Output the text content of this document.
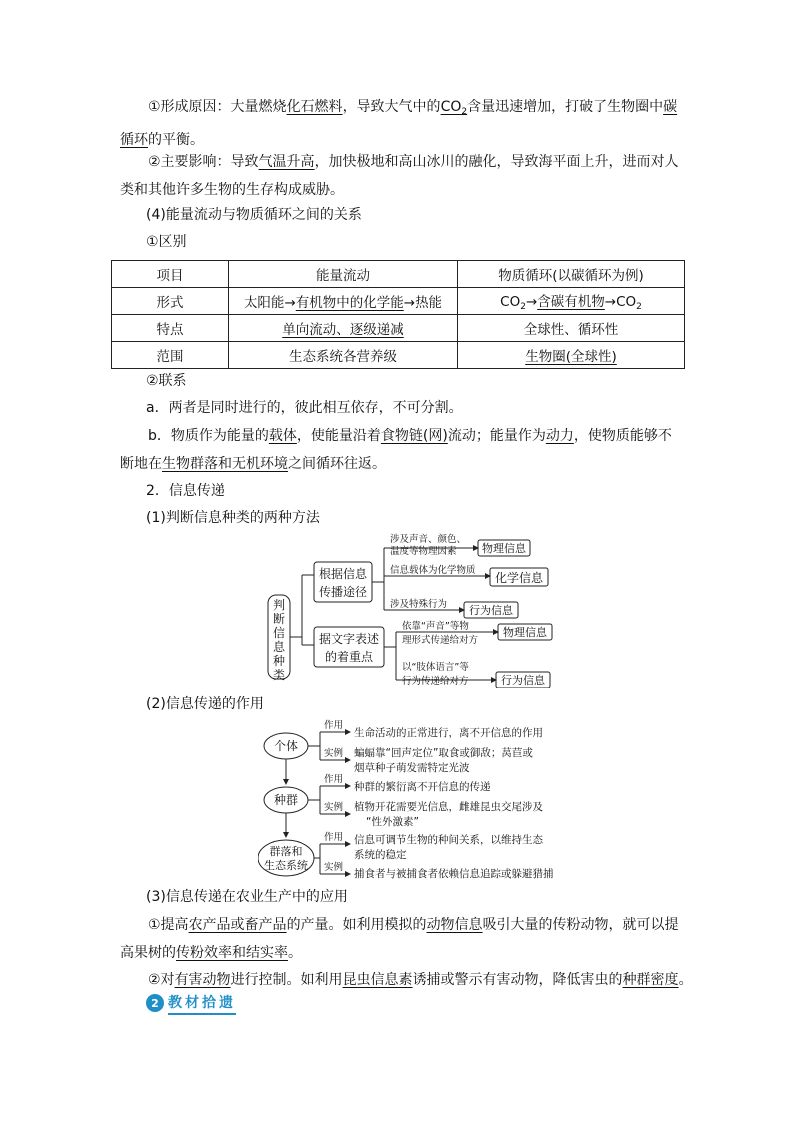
①形成原因：大量燃烧化石燃料，导致大气中的$CO_2$含量迅速增加，打破了生物圈中碳循环的平衡。
②主要影响：导致气温升高，加快极地和高山冰川的融化，导致海平面上升，进而对人类和其他许多生物的生存构成威胁。
(4)能量流动与物质循环之间的关系
①区别
项目	能量流动	物质循环(以碳循环为例)
形式	太阳能→有机物中的化学能→热能	$CO_2\to$含碳有机物$\to CO_2$
特点	单向流动、逐级递减	全球性、循环性
范围	生态系统各营养级	生物圈(全球性)
②联系
a．两者是同时进行的，彼此相互依存，不可分割。
b．物质作为能量的载体，使能量沿着食物链(网)流动；能量作为动力，使物质能够不断地在生物群落和无机环境之间循环往返。
2．信息传递
(1)判断信息种类的两种方法
判
断
信
息
种
类
根据信息
传播途径
据文字表述
的着重点
涉及声音、颜色、
温度等物理因素
信息载体为化学物质
涉及特殊行为
依靠“声音”等物
理形式传递给对方
以“肢体语言”等
行为传递给对方
物理信息
化学信息
行为信息
物理信息
行为信息
(2)信息传递的作用
个体
种群
群落和
生态系统
作用
实例
作用
实例
作用
实例
生命活动的正常进行，离不开信息的作用
蝙蝠靠“回声定位”取食或御敌；莴苣或
烟草种子萌发需特定光波
种群的繁衍离不开信息的传递
植物开花需要光信息，雌雄昆虫交尾涉及
“性外激素”
信息可调节生物的种间关系，以维持生态
系统的稳定
捕食者与被捕食者依赖信息追踪或躲避猎捕
(3)信息传递在农业生产中的应用
①提高农产品或畜产品的产量。如利用模拟的动物信息吸引大量的传粉动物，就可以提高果树的传粉效率和结实率。
②对有害动物进行控制。如利用昆虫信息素诱捕或警示有害动物，降低害虫的种群密度。
2 教材拾遗
